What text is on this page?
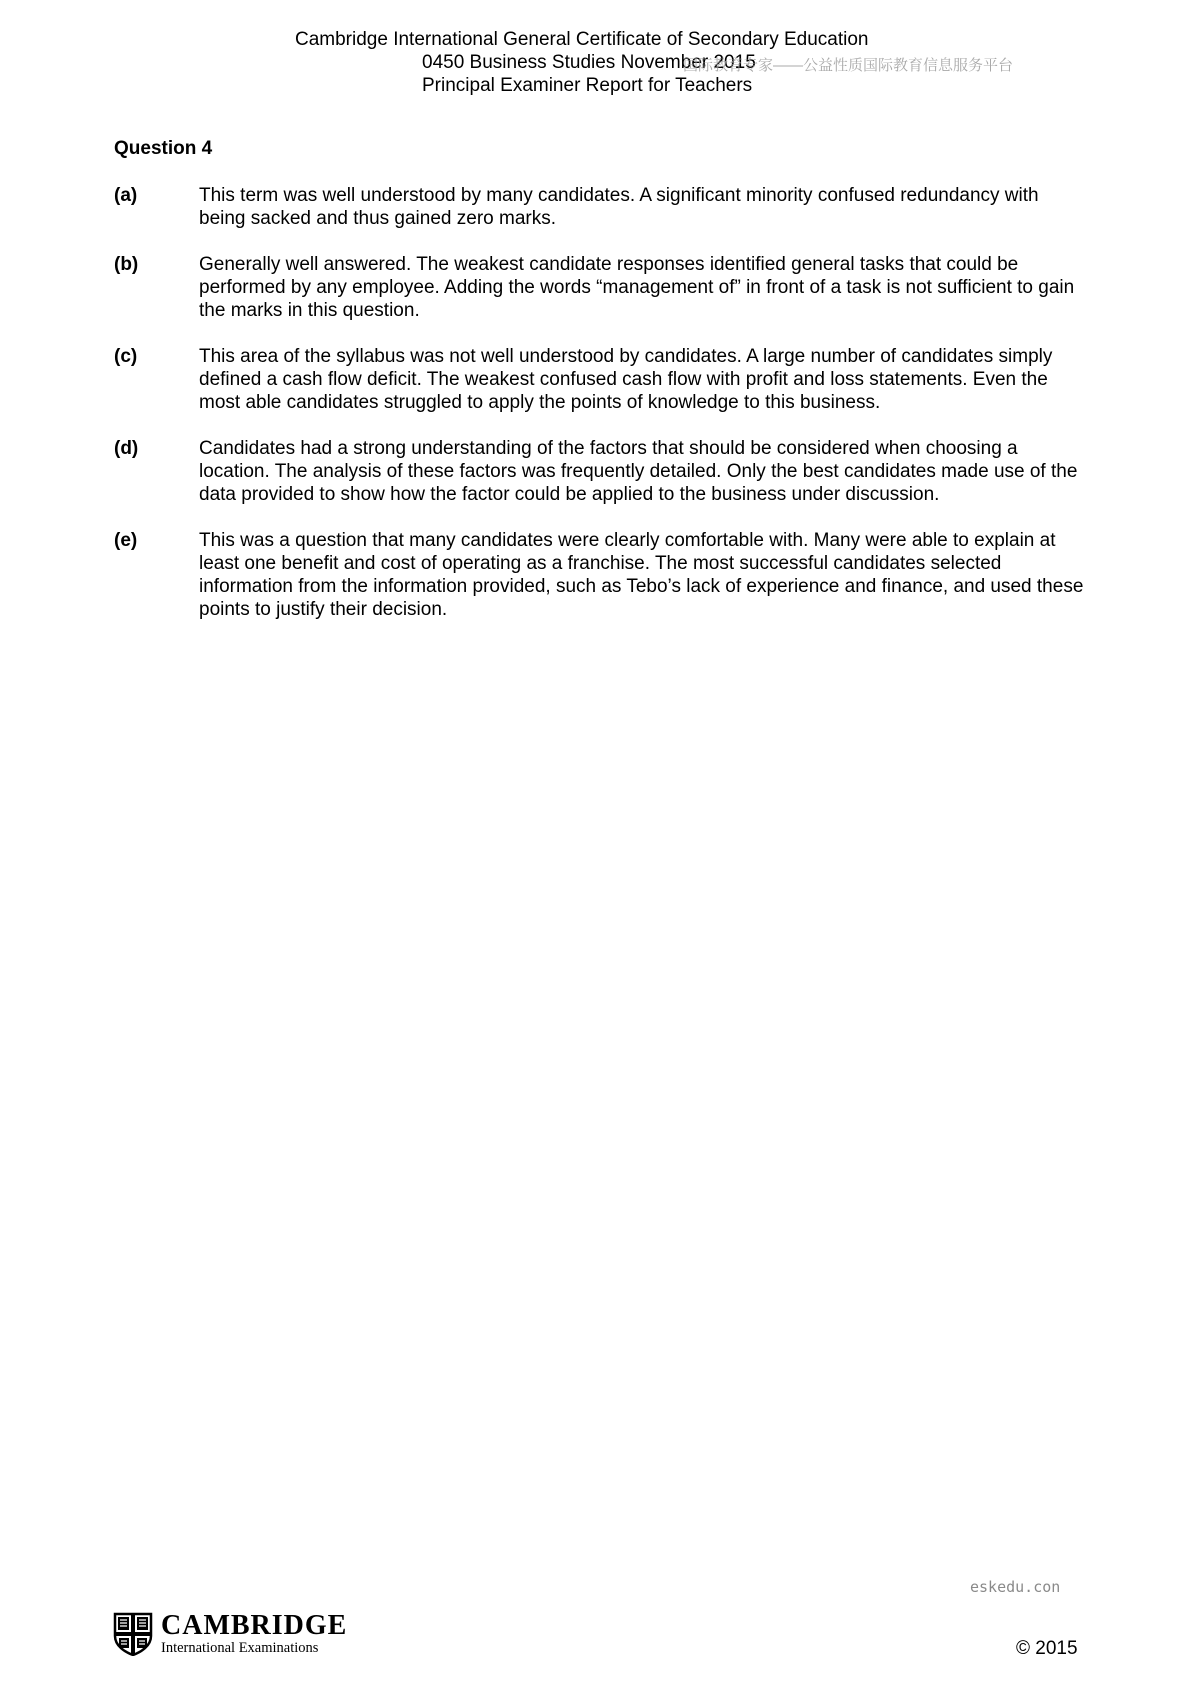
Cambridge International General Certificate of Secondary Education
0450 Business Studies November 2015
Principal Examiner Report for Teachers
国际教育专家——公益性质国际教育信息服务平台
Question 4
(a)	This term was well understood by many candidates. A significant minority confused redundancy with being sacked and thus gained zero marks.

(b)	Generally well answered. The weakest candidate responses identified general tasks that could be performed by any employee. Adding the words “management of” in front of a task is not sufficient to gain the marks in this question.

(c)	This area of the syllabus was not well understood by candidates. A large number of candidates simply defined a cash flow deficit. The weakest confused cash flow with profit and loss statements. Even the most able candidates struggled to apply the points of knowledge to this business.

(d)	Candidates had a strong understanding of the factors that should be considered when choosing a location. The analysis of these factors was frequently detailed. Only the best candidates made use of the data provided to show how the factor could be applied to the business under discussion.

(e)	This was a question that many candidates were clearly comfortable with. Many were able to explain at least one benefit and cost of operating as a franchise. The most successful candidates selected information from the information provided, such as Tebo’s lack of experience and finance, and used these points to justify their decision.

eskedu.con
CAMBRIDGE
International Examinations	© 2015
